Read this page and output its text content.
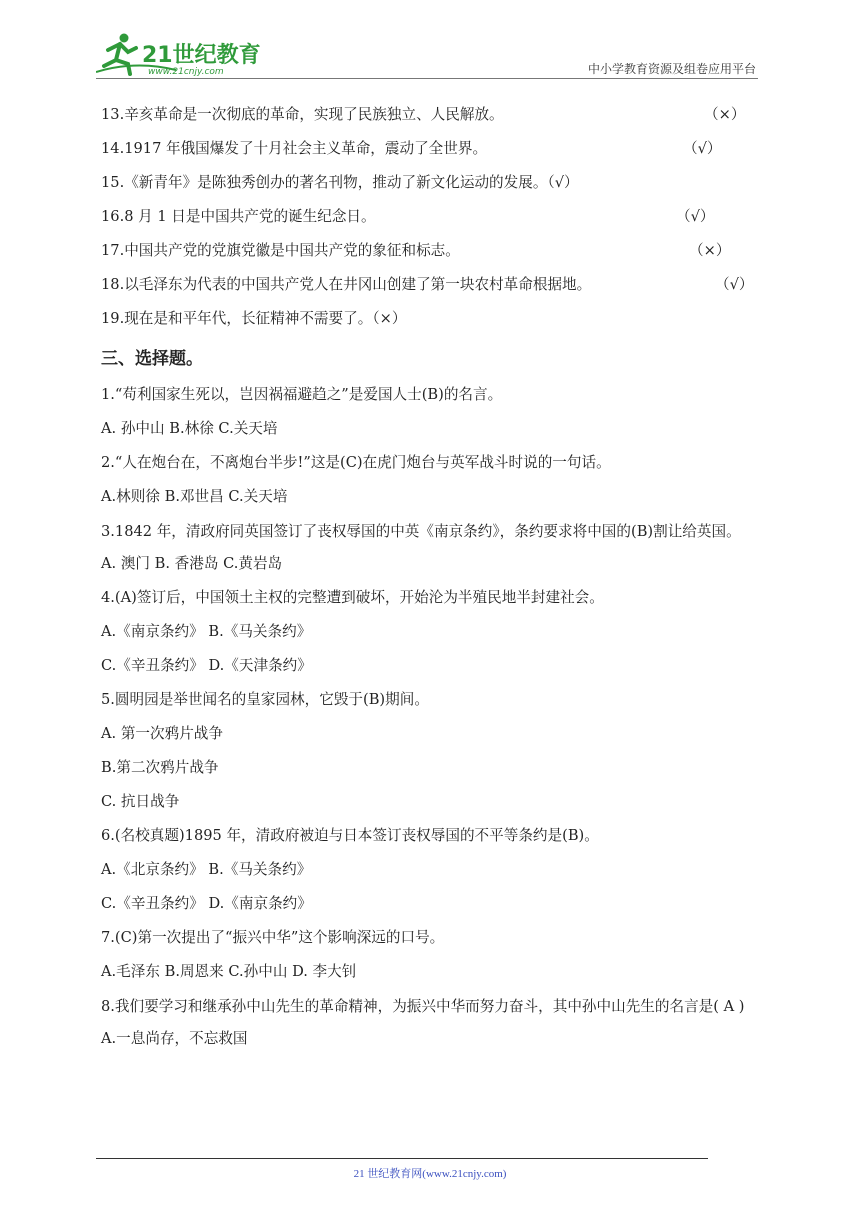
21世纪教育
www.21cnjy.com	中小学教育资源及组卷应用平台
13.辛亥革命是一次彻底的革命，实现了民族独立、人民解放。	（×）
14.1917 年俄国爆发了十月社会主义革命，震动了全世界。	（√）
15.《新青年》是陈独秀创办的著名刊物，推动了新文化运动的发展。（√）
16.8 月 1 日是中国共产党的诞生纪念日。	（√）
17.中国共产党的党旗党徽是中国共产党的象征和标志。	（×）
18.以毛泽东为代表的中国共产党人在井冈山创建了第一块农村革命根据地。	（√）
19.现在是和平年代，长征精神不需要了。（×）
三、选择题。
1.“苟利国家生死以，岂因祸福避趋之”是爱国人士(B)的名言。
A. 孙中山 B.林徐 C.关天培
2.“人在炮台在，不离炮台半步!”这是(C)在虎门炮台与英军战斗时说的一句话。
A.林则徐 B.邓世昌 C.关天培
3.1842 年，清政府同英国签订了丧权辱国的中英《南京条约》，条约要求将中国的(B)割让给英国。
A. 澳门 B. 香港岛 C.黄岩岛
4.(A)签订后，中国领土主权的完整遭到破坏，开始沦为半殖民地半封建社会。
A.《南京条约》 B.《马关条约》
C.《辛丑条约》 D.《天津条约》
5.圆明园是举世闻名的皇家园林，它毁于(B)期间。
A. 第一次鸦片战争
B.第二次鸦片战争
C. 抗日战争
6.(名校真题)1895 年，清政府被迫与日本签订丧权辱国的不平等条约是(B)。
A.《北京条约》 B.《马关条约》
C.《辛丑条约》 D.《南京条约》
7.(C)第一次提出了“振兴中华”这个影响深远的口号。
A.毛泽东 B.周恩来 C.孙中山 D. 李大钊
8.我们要学习和继承孙中山先生的革命精神，为振兴中华而努力奋斗，其中孙中山先生的名言是( A )
A.一息尚存，不忘救国
21 世纪教育网(www.21cnjy.com)
